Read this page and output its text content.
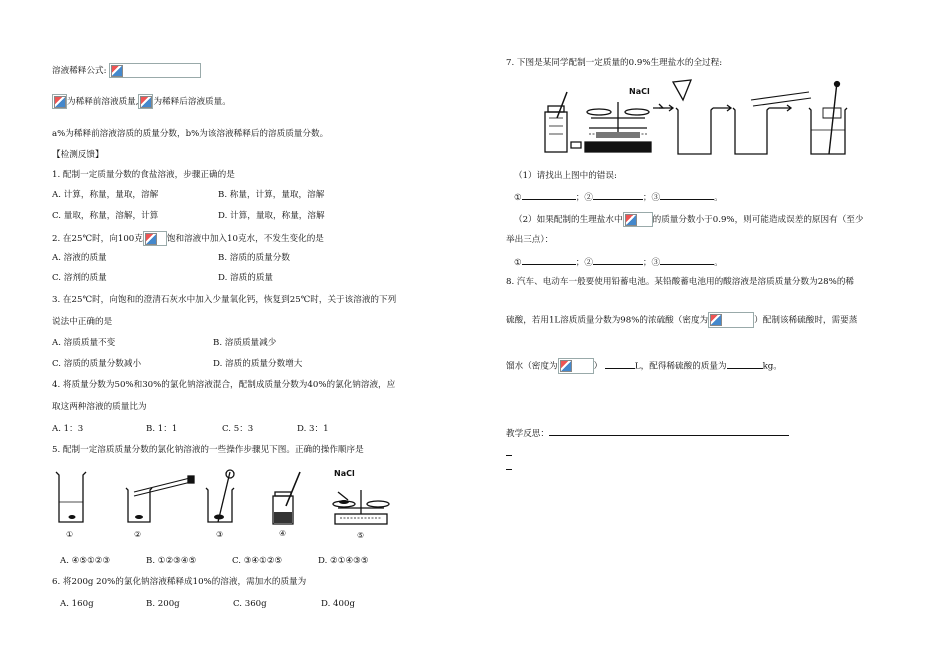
溶液稀释公式:
为稀释前溶液质量, 为稀释后溶液质量。
a%为稀释前溶液溶质的质量分数，b%为该溶液稀释后的溶质质量分数。
【检测反馈】
1. 配制一定质量分数的食盐溶液，步骤正确的是
A. 计算，称量，量取，溶解	B. 称量，计算，量取，溶解
C. 量取，称量，溶解，计算	D. 计算，量取，称量，溶解
2. 在25℃时，向100克	饱和溶液中加入10克水，不发生变化的是
A. 溶液的质量	B. 溶质的质量分数
C. 溶剂的质量	D. 溶质的质量
3. 在25℃时，向饱和的澄清石灰水中加入少量氧化钙，恢复到25℃时，关于该溶液的下列
说法中正确的是
A. 溶质质量不变	B. 溶质质量减少
C. 溶质的质量分数减小	D. 溶质的质量分数增大
4. 将质量分数为50%和30%的氯化钠溶液混合，配制成质量分数为40%的氯化钠溶液，应
取这两种溶液的质量比为
A. 1：3	B. 1：1	C. 5：3	D. 3：1
5. 配制一定溶质质量分数的氯化钠溶液的一些操作步骤见下图。正确的操作顺序是
NaCl
①	②	③	④	⑤
A. ④⑤①②③	B. ①②③④⑤	C. ③④①②⑤	D. ②①④③⑤
6. 将200g 20%的氯化钠溶液稀释成10%的溶液，需加水的质量为
A. 160g	B. 200g	C. 360g	D. 400g
7. 下图是某同学配制一定质量的0.9%生理盐水的全过程:
NaCl
（1）请找出上图中的错误:
①	；②	；③	。
（2）如果配制的生理盐水中	的质量分数小于0.9%，则可能造成误差的原因有（至少
举出三点）：
①	；②	；③	。
8. 汽车、电动车一般要使用铅蓄电池。某铅酸蓄电池用的酸溶液是溶质质量分数为28%的稀
硫酸，若用1L溶质质量分数为98%的浓硫酸（密度为	）配制该稀硫酸时，需要蒸
馏水（密度为	）	L，配得稀硫酸的质量为	kg。
教学反思：
